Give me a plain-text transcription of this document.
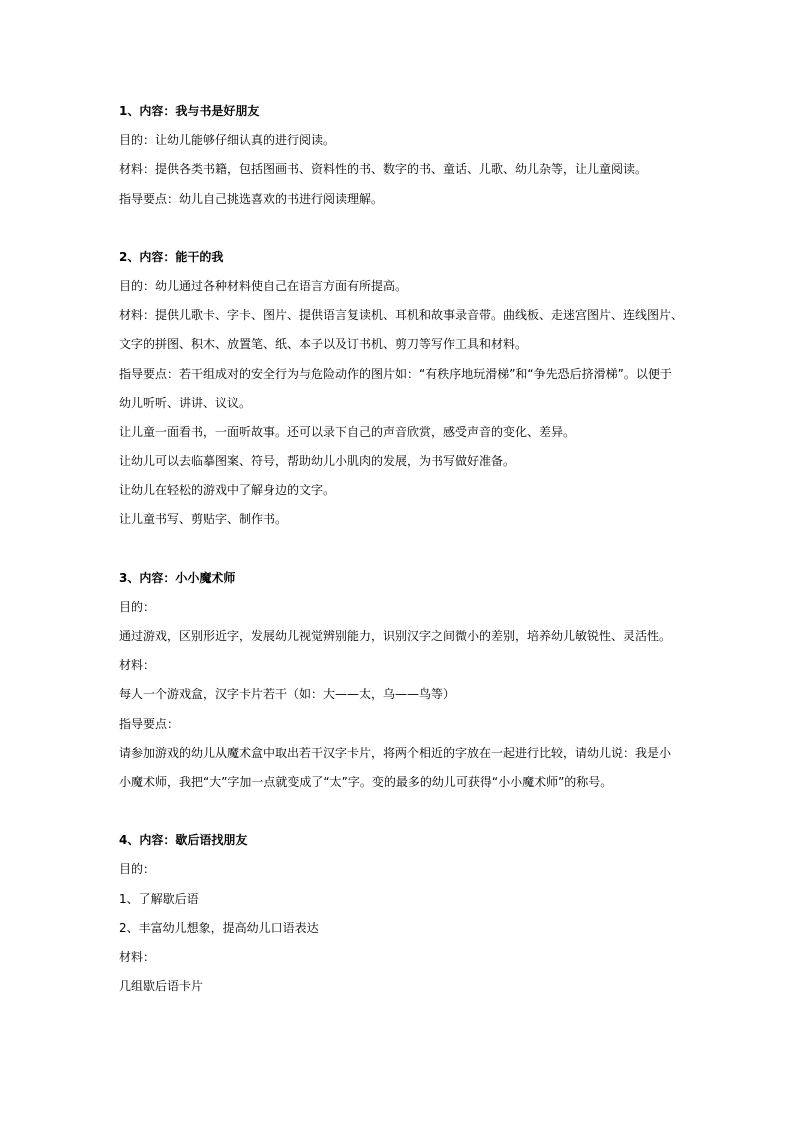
1、内容：我与书是好朋友
目的：让幼儿能够仔细认真的进行阅读。
材料：提供各类书籍，包括图画书、资料性的书、数字的书、童话、儿歌、幼儿杂等，让儿童阅读。
指导要点：幼儿自己挑选喜欢的书进行阅读理解。
2、内容：能干的我
目的：幼儿通过各种材料使自己在语言方面有所提高。
材料：提供儿歌卡、字卡、图片、提供语言复读机、耳机和故事录音带。曲线板、走迷宫图片、连线图片、
文字的拼图、积木、放置笔、纸、本子以及订书机、剪刀等写作工具和材料。
指导要点：若干组成对的安全行为与危险动作的图片如：“有秩序地玩滑梯”和“争先恐后挤滑梯”。以便于
幼儿听听、讲讲、议议。
让儿童一面看书，一面听故事。还可以录下自己的声音欣赏，感受声音的变化、差异。
让幼儿可以去临摹图案、符号，帮助幼儿小肌肉的发展，为书写做好准备。
让幼儿在轻松的游戏中了解身边的文字。
让儿童书写、剪贴字、制作书。
3、内容：小小魔术师
目的：
通过游戏，区别形近字，发展幼儿视觉辨别能力，识别汉字之间微小的差别，培养幼儿敏锐性、灵活性。
材料：
每人一个游戏盒，汉字卡片若干（如：大——太，乌——鸟等）
指导要点：
请参加游戏的幼儿从魔术盒中取出若干汉字卡片，将两个相近的字放在一起进行比较，请幼儿说：我是小
小魔术师，我把“大”字加一点就变成了“太”字。变的最多的幼儿可获得“小小魔术师”的称号。
4、内容：歇后语找朋友
目的：
1、了解歇后语
2、丰富幼儿想象，提高幼儿口语表达
材料：
几组歇后语卡片
